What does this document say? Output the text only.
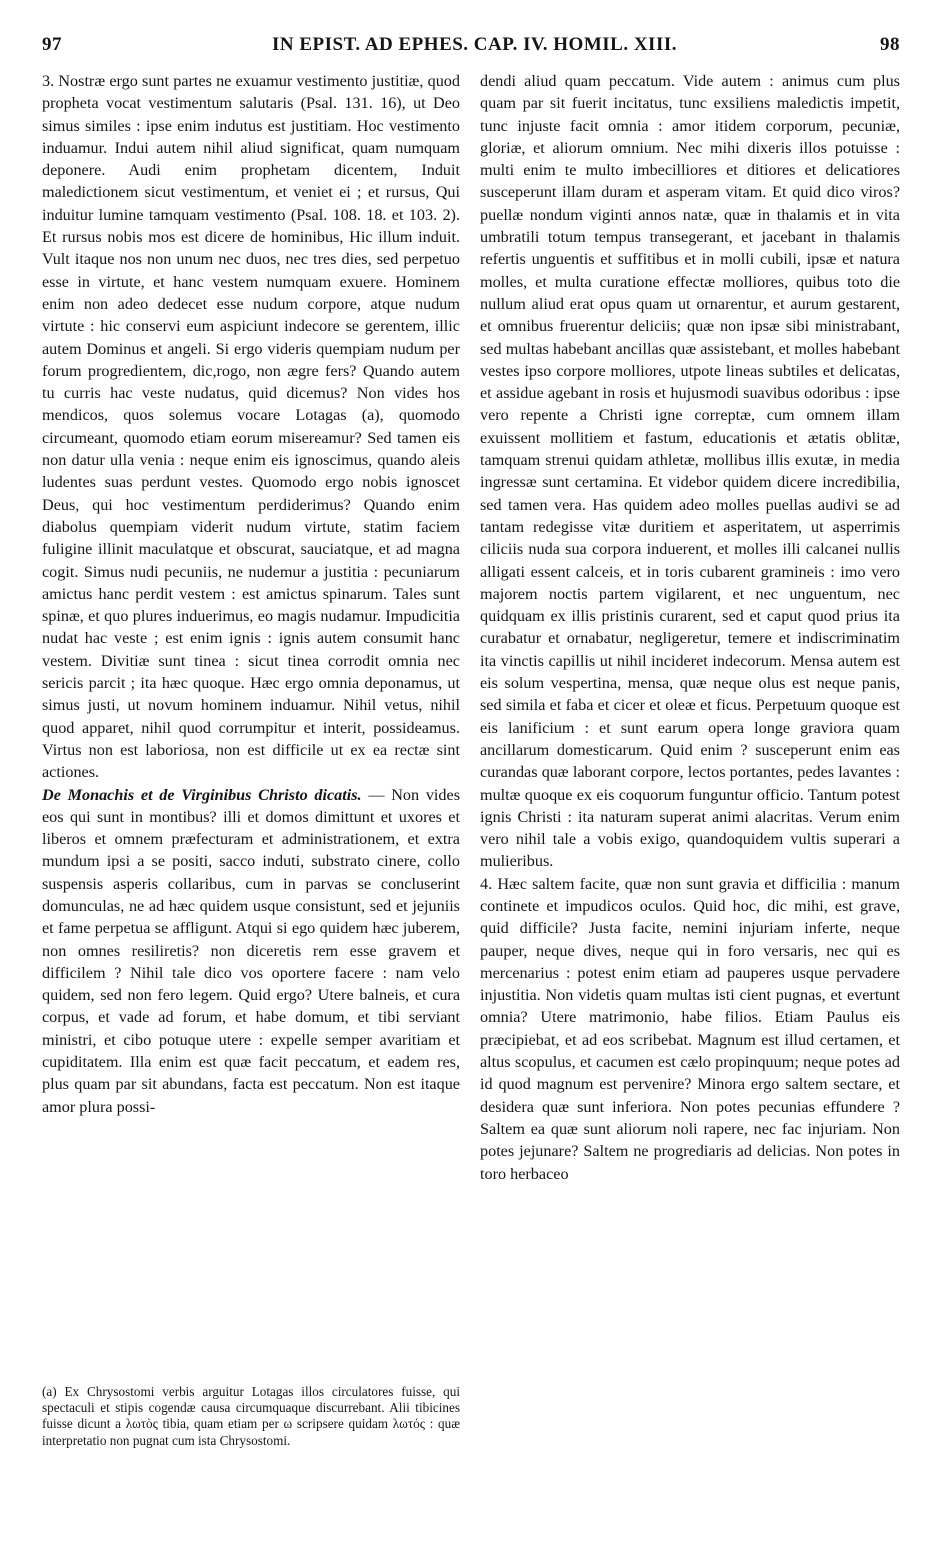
97	IN EPIST. AD EPHES. CAP. IV. HOMIL. XIII.	98

3. Nostræ ergo sunt partes ne exuamur vestimento justitiæ, quod propheta vocat vestimentum salutaris (Psal. 131. 16), ut Deo simus similes : ipse enim indutus est justitiam. Hoc vestimento induamur. Indui autem nihil aliud significat, quam numquam deponere. Audi enim prophetam dicentem, Induit maledictionem sicut vestimentum, et veniet ei ; et rursus, Qui induitur lumine tamquam vestimento (Psal. 108. 18. et 103. 2). Et rursus nobis mos est dicere de hominibus, Hic illum induit. Vult itaque nos non unum nec duos, nec tres dies, sed perpetuo esse in virtute, et hanc vestem numquam exuere. Hominem enim non adeo dedecet esse nudum corpore, atque nudum virtute : hic conservi eum aspiciunt indecore se gerentem, illic autem Dominus et angeli. Si ergo videris quempiam nudum per forum progredientem, dic,rogo, non ægre fers? Quando autem tu curris hac veste nudatus, quid dicemus? Non vides hos mendicos, quos solemus vocare Lotagas (a), quomodo circumeant, quomodo etiam eorum misereamur? Sed tamen eis non datur ulla venia : neque enim eis ignoscimus, quando aleis ludentes suas perdunt vestes. Quomodo ergo nobis ignoscet Deus, qui hoc vestimentum perdiderimus? Quando enim diabolus quempiam viderit nudum virtute, statim faciem fuligine illinit maculatque et obscurat, sauciatque, et ad magna cogit. Simus nudi pecuniis, ne nudemur a justitia : pecuniarum amictus hanc perdit vestem : est amictus spinarum. Tales sunt spinæ, et quo plures induerimus, eo magis nudamur. Impudicitia nudat hac veste ; est enim ignis : ignis autem consumit hanc vestem. Divitiæ sunt tinea : sicut tinea corrodit omnia nec sericis parcit ; ita hæc quoque. Hæc ergo omnia deponamus, ut simus justi, ut novum hominem induamur. Nihil vetus, nihil quod apparet, nihil quod corrumpitur et interit, possideamus. Virtus non est laboriosa, non est difficile ut ex ea rectæ sint actiones.

De Monachis et de Virginibus Christo dicatis. — Non vides eos qui sunt in montibus? illi et domos dimittunt et uxores et liberos et omnem præfecturam et administrationem, et extra mundum ipsi a se positi, sacco induti, substrato cinere, collo suspensis asperis collaribus, cum in parvas se concluserint domunculas, ne ad hæc quidem usque consistunt, sed et jejuniis et fame perpetua se affligunt. Atqui si ego quidem hæc juberem, non omnes resiliretis? non diceretis rem esse gravem et difficilem ? Nihil tale dico vos oportere facere : nam velo quidem, sed non fero legem. Quid ergo? Utere balneis, et cura corpus, et vade ad forum, et habe domum, et tibi serviant ministri, et cibo potuque utere : expelle semper avaritiam et cupiditatem. Illa enim est quæ facit peccatum, et eadem res, plus quam par sit abundans, facta est peccatum. Non est itaque amor plura possi-

dendi aliud quam peccatum. Vide autem : animus cum plus quam par sit fuerit incitatus, tunc exsiliens maledictis impetit, tunc injuste facit omnia : amor itidem corporum, pecuniæ, gloriæ, et aliorum omnium. Nec mihi dixeris illos potuisse : multi enim te multo imbecilliores et ditiores et delicatiores susceperunt illam duram et asperam vitam. Et quid dico viros? puellæ nondum viginti annos natæ, quæ in thalamis et in vita umbratili totum tempus transegerant, et jacebant in thalamis refertis unguentis et suffitibus et in molli cubili, ipsæ et natura molles, et multa curatione effectæ molliores, quibus toto die nullum aliud erat opus quam ut ornarentur, et aurum gestarent, et omnibus fruerentur deliciis; quæ non ipsæ sibi ministrabant, sed multas habebant ancillas quæ assistebant, et molles habebant vestes ipso corpore molliores, utpote lineas subtiles et delicatas, et assidue agebant in rosis et hujusmodi suavibus odoribus : ipse vero repente a Christi igne correptæ, cum omnem illam exuissent mollitiem et fastum, educationis et ætatis oblitæ, tamquam strenui quidam athletæ, mollibus illis exutæ, in media ingressæ sunt certamina. Et videbor quidem dicere incredibilia, sed tamen vera. Has quidem adeo molles puellas audivi se ad tantam redegisse vitæ duritiem et asperitatem, ut asperrimis ciliciis nuda sua corpora induerent, et molles illi calcanei nullis alligati essent calceis, et in toris cubarent gramineis : imo vero majorem noctis partem vigilarent, et nec unguentum, nec quidquam ex illis pristinis curarent, sed et caput quod prius ita curabatur et ornabatur, negligeretur, temere et indiscriminatim ita vinctis capillis ut nihil incideret indecorum. Mensa autem est eis solum vespertina, mensa, quæ neque olus est neque panis, sed simila et faba et cicer et oleæ et ficus. Perpetuum quoque est eis lanificium : et sunt earum opera longe graviora quam ancillarum domesticarum. Quid enim ? susceperunt enim eas curandas quæ laborant corpore, lectos portantes, pedes lavantes : multæ quoque ex eis coquorum funguntur officio. Tantum potest ignis Christi : ita naturam superat animi alacritas. Verum enim vero nihil tale a vobis exigo, quandoquidem vultis superari a mulieribus.

4. Hæc saltem facite, quæ non sunt gravia et difficilia : manum continete et impudicos oculos. Quid hoc, dic mihi, est grave, quid difficile? Justa facite, nemini injuriam inferte, neque pauper, neque dives, neque qui in foro versaris, nec qui es mercenarius : potest enim etiam ad pauperes usque pervadere injustitia. Non videtis quam multas isti cient pugnas, et evertunt omnia? Utere matrimonio, habe filios. Etiam Paulus eis præcipiebat, et ad eos scribebat. Magnum est illud certamen, et altus scopulus, et cacumen est cælo propinquum; neque potes ad id quod magnum est pervenire? Minora ergo saltem sectare, et desidera quæ sunt inferiora. Non potes pecunias effundere ? Saltem ea quæ sunt aliorum noli rapere, nec fac injuriam. Non potes jejunare? Saltem ne progrediaris ad delicias. Non potes in toro herbaceo

(a) Ex Chrysostomi verbis arguitur Lotagas illos circulatores fuisse, qui spectaculi et stipis cogendæ causa circumquaque discurrebant. Alii tibicines fuisse dicunt a λωτὸς tibia, quam etiam per ω scripsere quidam λωτός : quæ interpretatio non pugnat cum ista Chrysostomi.
